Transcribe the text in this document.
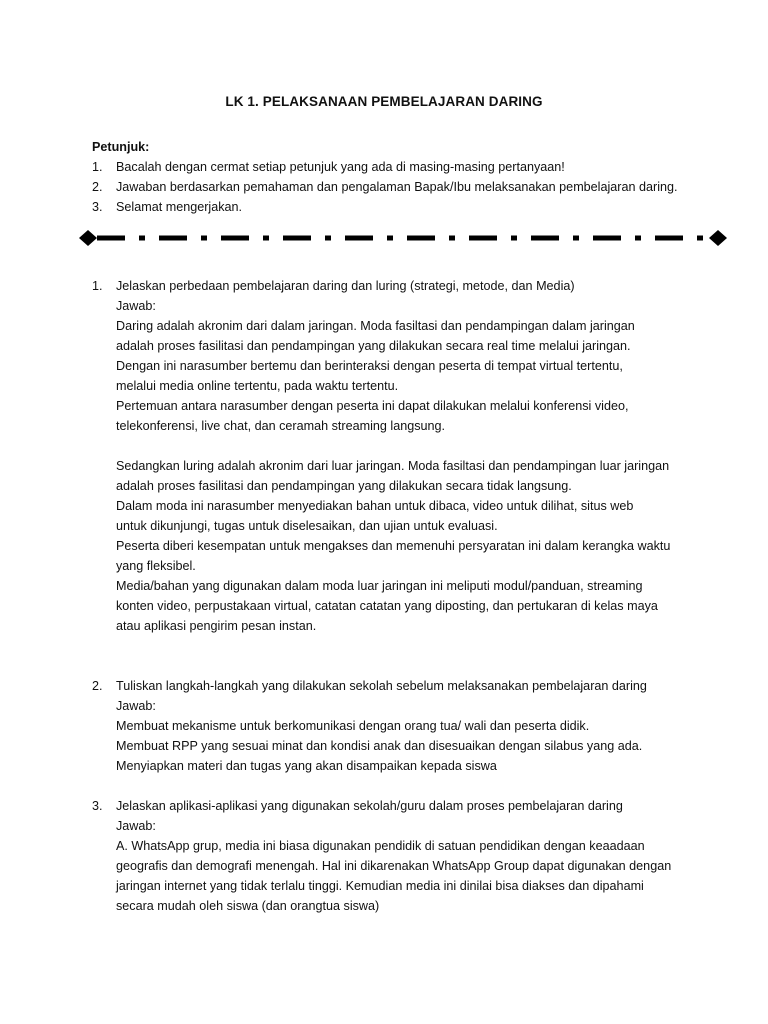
LK 1. PELAKSANAAN PEMBELAJARAN DARING
Petunjuk:
1. Bacalah dengan cermat setiap petunjuk yang ada di masing-masing pertanyaan!
2. Jawaban berdasarkan pemahaman dan pengalaman Bapak/Ibu melaksanakan pembelajaran daring.
3. Selamat mengerjakan.
1.	Jelaskan perbedaan pembelajaran daring dan luring (strategi, metode, dan Media)
Jawab:
Daring adalah akronim dari dalam jaringan. Moda fasiltasi dan pendampingan dalam jaringan
adalah proses fasilitasi dan pendampingan yang dilakukan secara real time melalui jaringan.
Dengan ini narasumber bertemu dan berinteraksi dengan peserta di tempat virtual tertentu,
melalui media online tertentu, pada waktu tertentu.
Pertemuan antara narasumber dengan peserta ini dapat dilakukan melalui konferensi video,
telekonferensi, live chat, dan ceramah streaming langsung.
Sedangkan luring adalah akronim dari luar jaringan. Moda fasiltasi dan pendampingan luar jaringan
adalah proses fasilitasi dan pendampingan yang dilakukan secara tidak langsung.
Dalam moda ini narasumber menyediakan bahan untuk dibaca, video untuk dilihat, situs web
untuk dikunjungi, tugas untuk diselesaikan, dan ujian untuk evaluasi.
Peserta diberi kesempatan untuk mengakses dan memenuhi persyaratan ini dalam kerangka waktu
yang fleksibel.
Media/bahan yang digunakan dalam moda luar jaringan ini meliputi modul/panduan, streaming
konten video, perpustakaan virtual, catatan catatan yang diposting, dan pertukaran di kelas maya
atau aplikasi pengirim pesan instan.
2.	Tuliskan langkah-langkah yang dilakukan sekolah sebelum melaksanakan pembelajaran daring
Jawab:
Membuat mekanisme untuk berkomunikasi dengan orang tua/ wali dan peserta didik.
Membuat RPP yang sesuai minat dan kondisi anak dan disesuaikan dengan silabus yang ada.
Menyiapkan materi dan tugas yang akan disampaikan kepada siswa
3.	Jelaskan aplikasi-aplikasi yang digunakan sekolah/guru dalam proses pembelajaran daring
Jawab:
A. WhatsApp grup, media ini biasa digunakan pendidik di satuan pendidikan dengan keaadaan
geografis dan demografi menengah. Hal ini dikarenakan WhatsApp Group dapat digunakan dengan
jaringan internet yang tidak terlalu tinggi. Kemudian media ini dinilai bisa diakses dan dipahami
secara mudah oleh siswa (dan orangtua siswa)
